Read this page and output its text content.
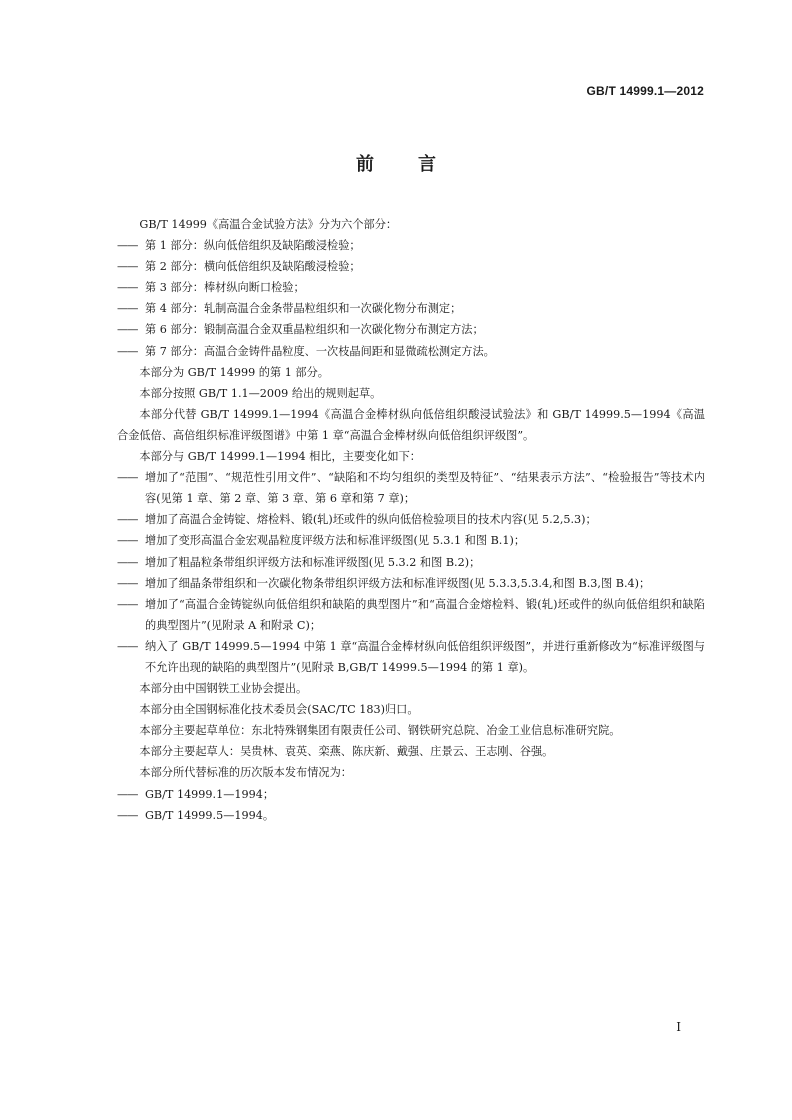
GB/T 14999.1—2012
前言

GB/T 14999《高温合金试验方法》分为六个部分：

—— 第 1 部分：纵向低倍组织及缺陷酸浸检验；
—— 第 2 部分：横向低倍组织及缺陷酸浸检验；
—— 第 3 部分：棒材纵向断口检验；
—— 第 4 部分：轧制高温合金条带晶粒组织和一次碳化物分布测定；
—— 第 6 部分：锻制高温合金双重晶粒组织和一次碳化物分布测定方法；
—— 第 7 部分：高温合金铸件晶粒度、一次枝晶间距和显微疏松测定方法。

本部分为 GB/T 14999 的第 1 部分。

本部分按照 GB/T 1.1—2009 给出的规则起草。

本部分代替 GB/T 14999.1—1994《高温合金棒材纵向低倍组织酸浸试验法》和 GB/T 14999.5—1994《高温合金低倍、高倍组织标准评级图谱》中第 1 章“高温合金棒材纵向低倍组织评级图”。

本部分与 GB/T 14999.1—1994 相比，主要变化如下：

—— 增加了“范围”、“规范性引用文件”、“缺陷和不均匀组织的类型及特征”、“结果表示方法”、“检验报告”等技术内容(见第 1 章、第 2 章、第 3 章、第 6 章和第 7 章)；
—— 增加了高温合金铸锭、熔检料、锻(轧)坯或件的纵向低倍检验项目的技术内容(见 5.2,5.3)；
—— 增加了变形高温合金宏观晶粒度评级方法和标准评级图(见 5.3.1 和图 B.1)；
—— 增加了粗晶粒条带组织评级方法和标准评级图(见 5.3.2 和图 B.2)；
—— 增加了细晶条带组织和一次碳化物条带组织评级方法和标准评级图(见 5.3.3,5.3.4,和图 B.3,图 B.4)；
—— 增加了“高温合金铸锭纵向低倍组织和缺陷的典型图片”和“高温合金熔检料、锻(轧)坯或件的纵向低倍组织和缺陷的典型图片”(见附录 A 和附录 C)；
—— 纳入了 GB/T 14999.5—1994 中第 1 章“高温合金棒材纵向低倍组织评级图”，并进行重新修改为“标准评级图与不允许出现的缺陷的典型图片”(见附录 B,GB/T 14999.5—1994 的第 1 章)。

本部分由中国钢铁工业协会提出。

本部分由全国钢标准化技术委员会(SAC/TC 183)归口。

本部分主要起草单位：东北特殊钢集团有限责任公司、钢铁研究总院、冶金工业信息标准研究院。

本部分主要起草人：吴贵林、袁英、栾燕、陈庆新、戴强、庄景云、王志刚、谷强。

本部分所代替标准的历次版本发布情况为：

—— GB/T 14999.1—1994；
—— GB/T 14999.5—1994。
I
